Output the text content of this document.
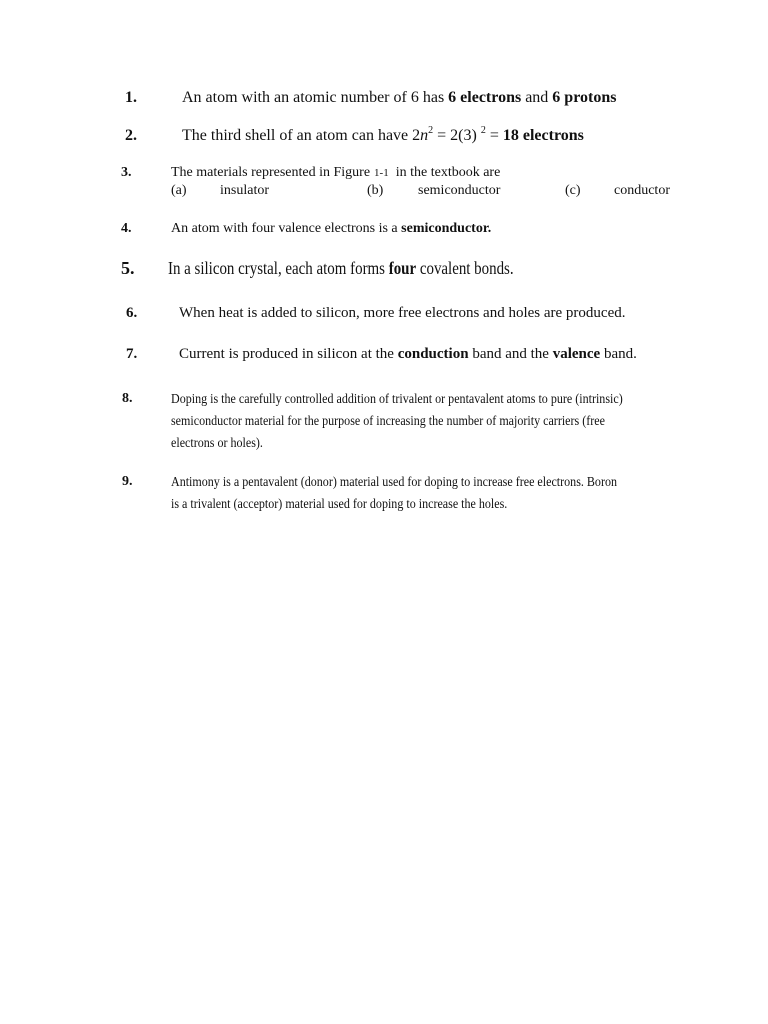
1.	An atom with an atomic number of 6 has 6 electrons and 6 protons
2.	The third shell of an atom can have $2n^2 = 2(3) ^2 = 18$ electrons
3.	The materials represented in Figure 1-1 in the textbook are
(a) insulator	(b) semiconductor	(c) conductor
4.	An atom with four valence electrons is a semiconductor.
5. In a silicon crystal, each atom forms four covalent bonds.
6.	When heat is added to silicon, more free electrons and holes are produced.
7.	Current is produced in silicon at the conduction band and the valence band.
8.	Doping is the carefully controlled addition of trivalent or pentavalent atoms to pure (intrinsic)
semiconductor material for the purpose of increasing the number of majority carriers (free
electrons or holes).
9.	Antimony is a pentavalent (donor) material used for doping to increase free electrons. Boron
is a trivalent (acceptor) material used for doping to increase the holes.
